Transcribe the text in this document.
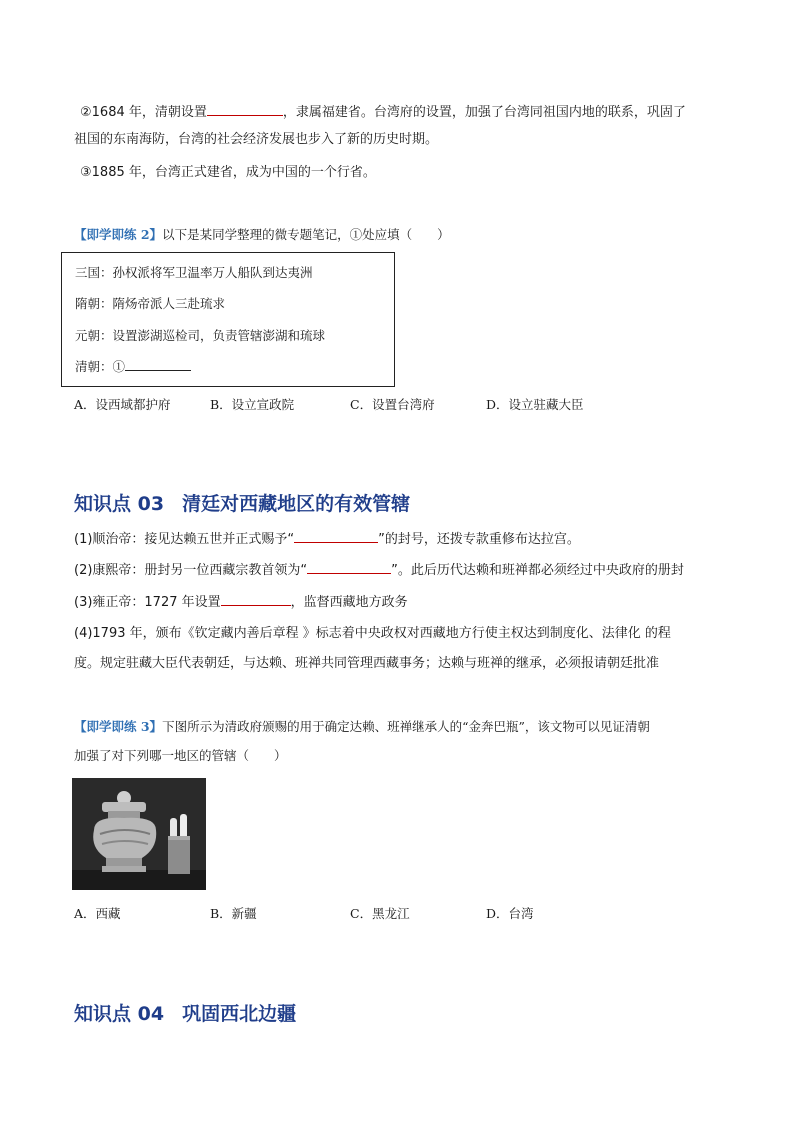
②1684 年，清朝设置	，隶属福建省。台湾府的设置，加强了台湾同祖国内地的联系，巩固了
祖国的东南海防，台湾的社会经济发展也步入了新的历史时期。
③1885 年，台湾正式建省，成为中国的一个行省。
【即学即练 2】以下是某同学整理的微专题笔记，①处应填（　　）
三国：孙权派将军卫温率万人船队到达夷洲
隋朝：隋炀帝派人三赴琉求
元朝：设置澎湖巡检司，负责管辖澎湖和琉球
清朝：①
A．设西域都护府	B．设立宣政院	C．设置台湾府	D．设立驻藏大臣
知识点 03 清廷对西藏地区的有效管辖
(1)顺治帝：接见达赖五世并正式赐予“	”的封号，还拨专款重修布达拉宫。
(2)康熙帝：册封另一位西藏宗教首领为“	”。此后历代达赖和班禅都必须经过中央政府的册封
(3)雍正帝：1727 年设置	，监督西藏地方政务
(4)1793 年，颁布《钦定藏内善后章程 》标志着中央政权对西藏地方行使主权达到制度化、法律化 的程
度。规定驻藏大臣代表朝廷，与达赖、班禅共同管理西藏事务；达赖与班禅的继承，必须报请朝廷批准
【即学即练 3】下图所示为清政府颁赐的用于确定达赖、班禅继承人的“金奔巴瓶”，该文物可以见证清朝
加强了对下列哪一地区的管辖（　　）
A．西藏	B．新疆	C．黑龙江	D．台湾
知识点 04 巩固西北边疆
